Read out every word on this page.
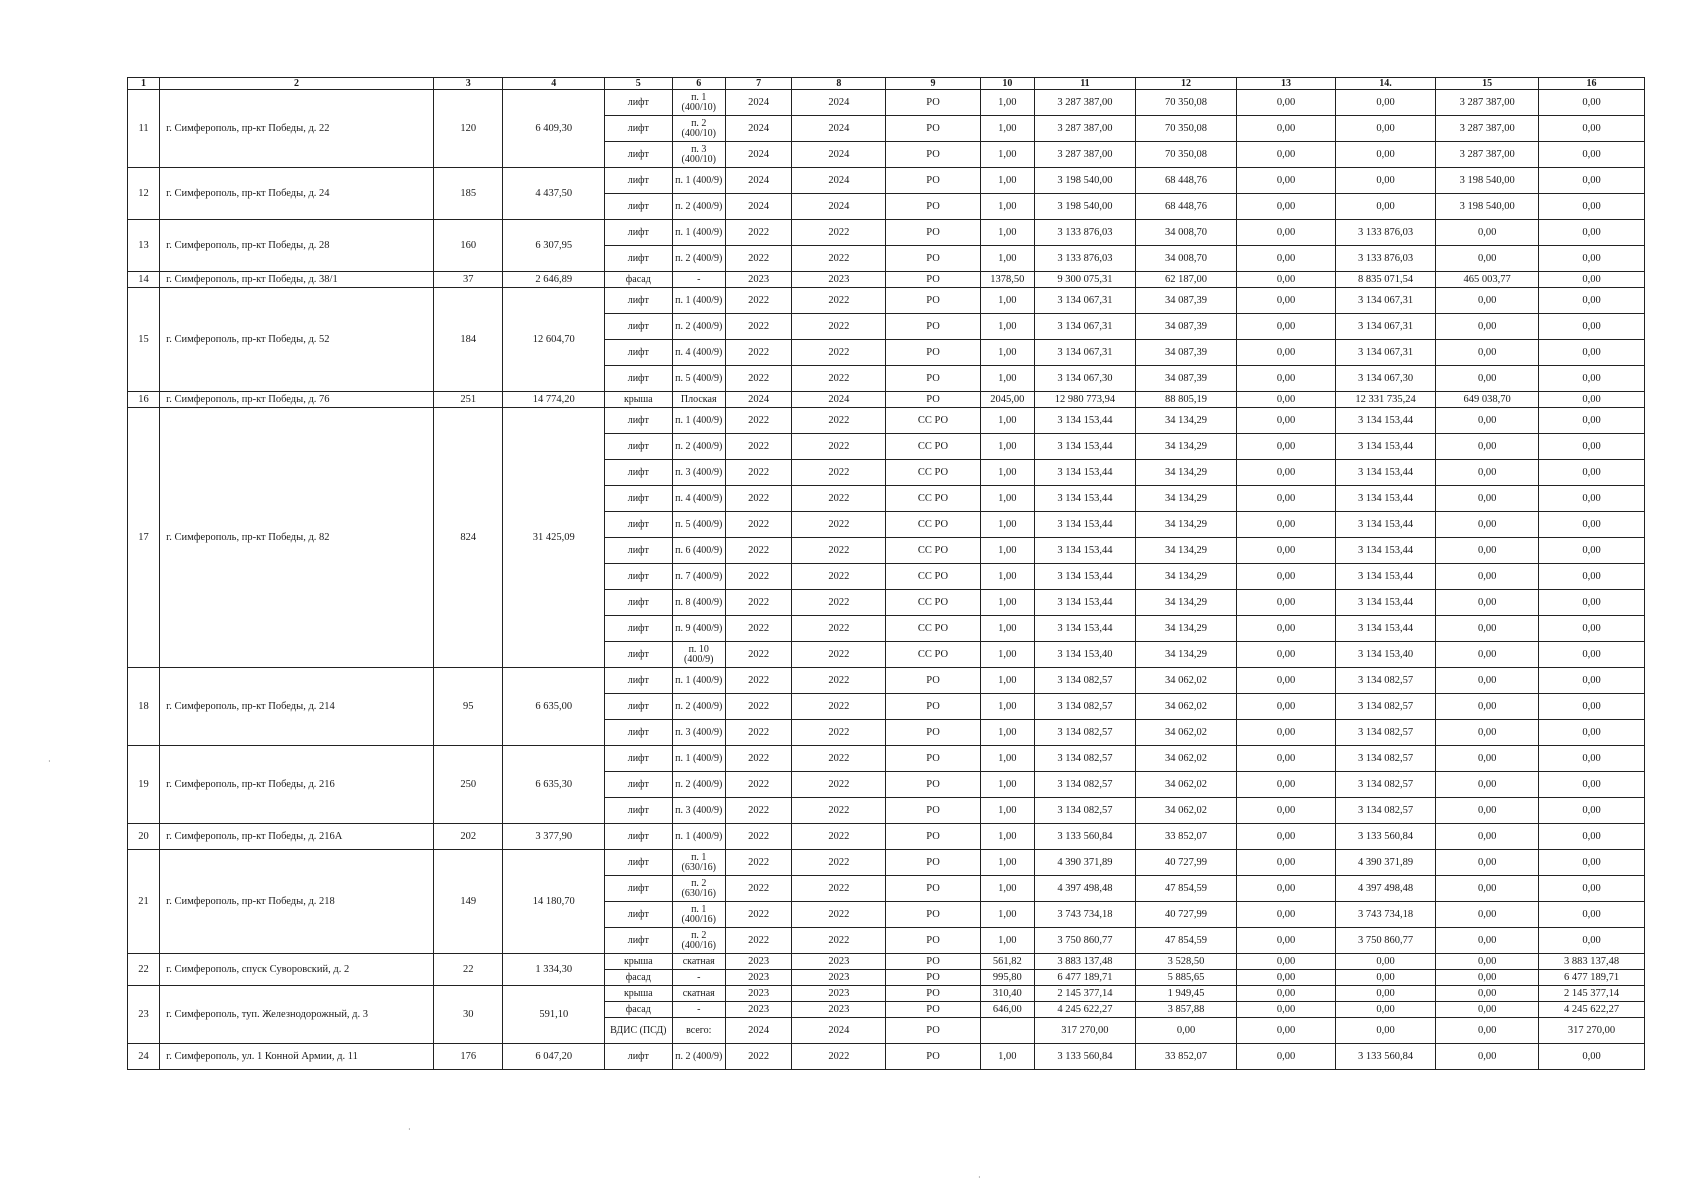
1	2	3	4	5	6	7	8	9	10	11	12	13	14.	15	16
11	г. Симферополь, пр-кт Победы, д. 22	120	6 409,30	лифт	п. 1 (400/10)	2024	2024	РО	1,00	3 287 387,00	70 350,08	0,00	0,00	3 287 387,00	0,00
				лифт	п. 2 (400/10)	2024	2024	РО	1,00	3 287 387,00	70 350,08	0,00	0,00	3 287 387,00	0,00
				лифт	п. 3 (400/10)	2024	2024	РО	1,00	3 287 387,00	70 350,08	0,00	0,00	3 287 387,00	0,00
12	г. Симферополь, пр-кт Победы, д. 24	185	4 437,50	лифт	п. 1 (400/9)	2024	2024	РО	1,00	3 198 540,00	68 448,76	0,00	0,00	3 198 540,00	0,00
				лифт	п. 2 (400/9)	2024	2024	РО	1,00	3 198 540,00	68 448,76	0,00	0,00	3 198 540,00	0,00
13	г. Симферополь, пр-кт Победы, д. 28	160	6 307,95	лифт	п. 1 (400/9)	2022	2022	РО	1,00	3 133 876,03	34 008,70	0,00	3 133 876,03	0,00	0,00
				лифт	п. 2 (400/9)	2022	2022	РО	1,00	3 133 876,03	34 008,70	0,00	3 133 876,03	0,00	0,00
14	г. Симферополь, пр-кт Победы, д. 38/1	37	2 646,89	фасад	-	2023	2023	РО	1378,50	9 300 075,31	62 187,00	0,00	8 835 071,54	465 003,77	0,00
15	г. Симферополь, пр-кт Победы, д. 52	184	12 604,70	лифт	п. 1 (400/9)	2022	2022	РО	1,00	3 134 067,31	34 087,39	0,00	3 134 067,31	0,00	0,00
				лифт	п. 2 (400/9)	2022	2022	РО	1,00	3 134 067,31	34 087,39	0,00	3 134 067,31	0,00	0,00
				лифт	п. 4 (400/9)	2022	2022	РО	1,00	3 134 067,31	34 087,39	0,00	3 134 067,31	0,00	0,00
				лифт	п. 5 (400/9)	2022	2022	РО	1,00	3 134 067,30	34 087,39	0,00	3 134 067,30	0,00	0,00
16	г. Симферополь, пр-кт Победы, д. 76	251	14 774,20	крыша	Плоская	2024	2024	РО	2045,00	12 980 773,94	88 805,19	0,00	12 331 735,24	649 038,70	0,00
17	г. Симферополь, пр-кт Победы, д. 82	824	31 425,09	лифт	п. 1 (400/9)	2022	2022	СС РО	1,00	3 134 153,44	34 134,29	0,00	3 134 153,44	0,00	0,00
				лифт	п. 2 (400/9)	2022	2022	СС РО	1,00	3 134 153,44	34 134,29	0,00	3 134 153,44	0,00	0,00
				лифт	п. 3 (400/9)	2022	2022	СС РО	1,00	3 134 153,44	34 134,29	0,00	3 134 153,44	0,00	0,00
				лифт	п. 4 (400/9)	2022	2022	СС РО	1,00	3 134 153,44	34 134,29	0,00	3 134 153,44	0,00	0,00
				лифт	п. 5 (400/9)	2022	2022	СС РО	1,00	3 134 153,44	34 134,29	0,00	3 134 153,44	0,00	0,00
				лифт	п. 6 (400/9)	2022	2022	СС РО	1,00	3 134 153,44	34 134,29	0,00	3 134 153,44	0,00	0,00
				лифт	п. 7 (400/9)	2022	2022	СС РО	1,00	3 134 153,44	34 134,29	0,00	3 134 153,44	0,00	0,00
				лифт	п. 8 (400/9)	2022	2022	СС РО	1,00	3 134 153,44	34 134,29	0,00	3 134 153,44	0,00	0,00
				лифт	п. 9 (400/9)	2022	2022	СС РО	1,00	3 134 153,44	34 134,29	0,00	3 134 153,44	0,00	0,00
				лифт	п. 10 (400/9)	2022	2022	СС РО	1,00	3 134 153,40	34 134,29	0,00	3 134 153,40	0,00	0,00
18	г. Симферополь, пр-кт Победы, д. 214	95	6 635,00	лифт	п. 1 (400/9)	2022	2022	РО	1,00	3 134 082,57	34 062,02	0,00	3 134 082,57	0,00	0,00
				лифт	п. 2 (400/9)	2022	2022	РО	1,00	3 134 082,57	34 062,02	0,00	3 134 082,57	0,00	0,00
				лифт	п. 3 (400/9)	2022	2022	РО	1,00	3 134 082,57	34 062,02	0,00	3 134 082,57	0,00	0,00
19	г. Симферополь, пр-кт Победы, д. 216	250	6 635,30	лифт	п. 1 (400/9)	2022	2022	РО	1,00	3 134 082,57	34 062,02	0,00	3 134 082,57	0,00	0,00
				лифт	п. 2 (400/9)	2022	2022	РО	1,00	3 134 082,57	34 062,02	0,00	3 134 082,57	0,00	0,00
				лифт	п. 3 (400/9)	2022	2022	РО	1,00	3 134 082,57	34 062,02	0,00	3 134 082,57	0,00	0,00
20	г. Симферополь, пр-кт Победы, д. 216А	202	3 377,90	лифт	п. 1 (400/9)	2022	2022	РО	1,00	3 133 560,84	33 852,07	0,00	3 133 560,84	0,00	0,00
21	г. Симферополь, пр-кт Победы, д. 218	149	14 180,70	лифт	п. 1 (630/16)	2022	2022	РО	1,00	4 390 371,89	40 727,99	0,00	4 390 371,89	0,00	0,00
				лифт	п. 2 (630/16)	2022	2022	РО	1,00	4 397 498,48	47 854,59	0,00	4 397 498,48	0,00	0,00
				лифт	п. 1 (400/16)	2022	2022	РО	1,00	3 743 734,18	40 727,99	0,00	3 743 734,18	0,00	0,00
				лифт	п. 2 (400/16)	2022	2022	РО	1,00	3 750 860,77	47 854,59	0,00	3 750 860,77	0,00	0,00
22	г. Симферополь, спуск Суворовский, д. 2	22	1 334,30	крыша	скатная	2023	2023	РО	561,82	3 883 137,48	3 528,50	0,00	0,00	0,00	3 883 137,48
				фасад	-	2023	2023	РО	995,80	6 477 189,71	5 885,65	0,00	0,00	0,00	6 477 189,71
23	г. Симферополь, туп. Железнодорожный, д. 3	30	591,10	крыша	скатная	2023	2023	РО	310,40	2 145 377,14	1 949,45	0,00	0,00	0,00	2 145 377,14
				фасад	-	2023	2023	РО	646,00	4 245 622,27	3 857,88	0,00	0,00	0,00	4 245 622,27
				ВДИС (ПСД)	всего:	2024	2024	РО		317 270,00	0,00	0,00	0,00	0,00	317 270,00
24	г. Симферополь, ул. 1 Конной Армии, д. 11	176	6 047,20	лифт	п. 2 (400/9)	2022	2022	РО	1,00	3 133 560,84	33 852,07	0,00	3 133 560,84	0,00	0,00
·
·
·
